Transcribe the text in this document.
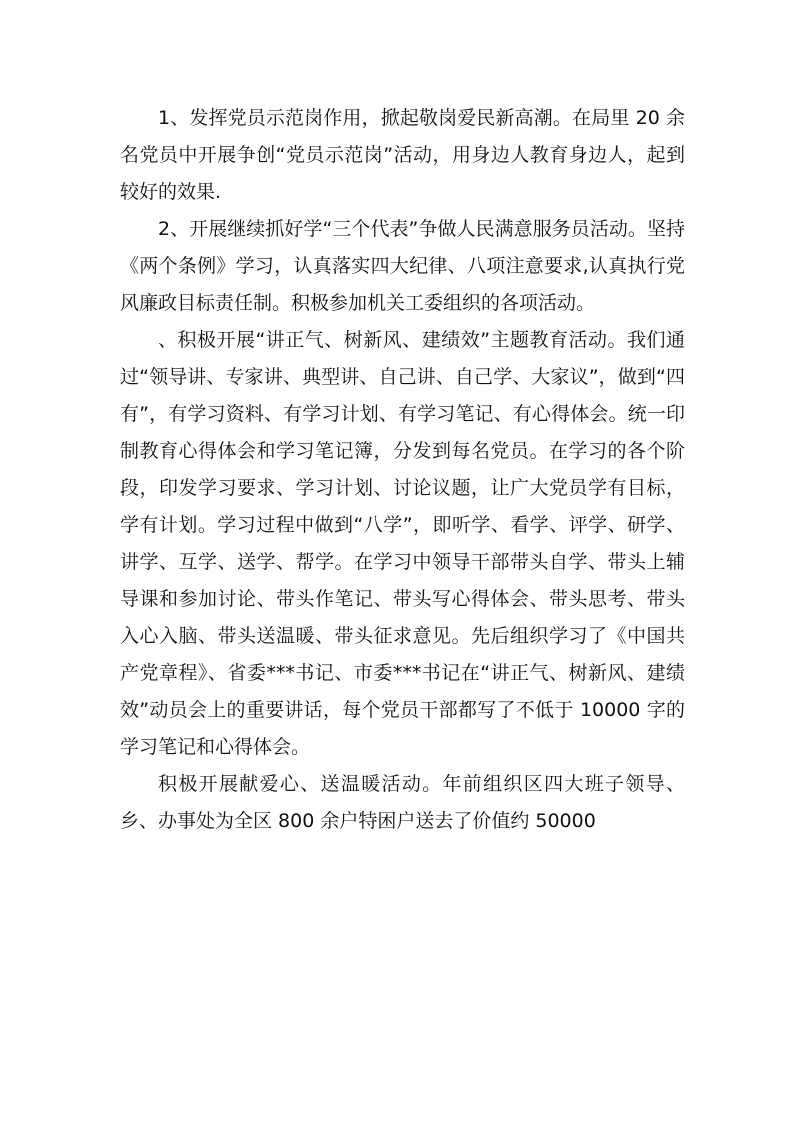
1、发挥党员示范岗作用，掀起敬岗爱民新高潮。在局里 20 余名党员中开展争创“党员示范岗”活动，用身边人教育身边人，起到较好的效果.

2、开展继续抓好学“三个代表”争做人民满意服务员活动。坚持《两个条例》学习，认真落实四大纪律、八项注意要求,认真执行党风廉政目标责任制。积极参加机关工委组织的各项活动。

、积极开展“讲正气、树新风、建绩效”主题教育活动。我们通过“领导讲、专家讲、典型讲、自己讲、自己学、大家议”，做到“四有”，有学习资料、有学习计划、有学习笔记、有心得体会。统一印制教育心得体会和学习笔记簿，分发到每名党员。在学习的各个阶段，印发学习要求、学习计划、讨论议题，让广大党员学有目标，学有计划。学习过程中做到“八学”，即听学、看学、评学、研学、讲学、互学、送学、帮学。在学习中领导干部带头自学、带头上辅导课和参加讨论、带头作笔记、带头写心得体会、带头思考、带头入心入脑、带头送温暖、带头征求意见。先后组织学习了《中国共产党章程》、省委***书记、市委***书记在“讲正气、树新风、建绩效”动员会上的重要讲话，每个党员干部都写了不低于 10000 字的学习笔记和心得体会。

积极开展献爱心、送温暖活动。年前组织区四大班子领导、乡、办事处为全区 800 余户特困户送去了价值约 50000
